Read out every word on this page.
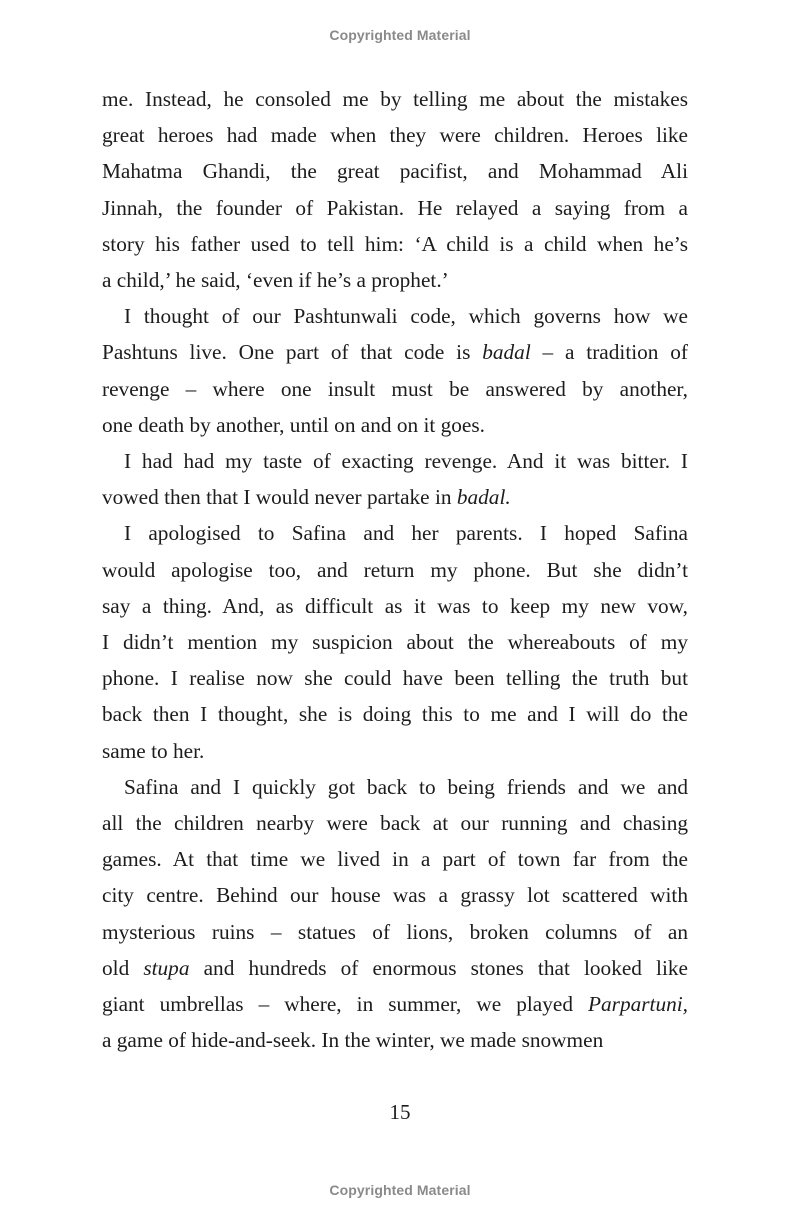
Copyrighted Material
me. Instead, he consoled me by telling me about the mistakes
great heroes had made when they were children. Heroes like
Mahatma Ghandi, the great pacifist, and Mohammad Ali
Jinnah, the founder of Pakistan. He relayed a saying from a
story his father used to tell him: ‘A child is a child when he’s
a child,’ he said, ‘even if he’s a prophet.’
I thought of our Pashtunwali code, which governs how we
Pashtuns live. One part of that code is badal – a tradition of
revenge – where one insult must be answered by another,
one death by another, until on and on it goes.
I had had my taste of exacting revenge. And it was bitter. I
vowed then that I would never partake in badal.
I apologised to Safina and her parents. I hoped Safina
would apologise too, and return my phone. But she didn’t
say a thing. And, as difficult as it was to keep my new vow,
I didn’t mention my suspicion about the whereabouts of my
phone. I realise now she could have been telling the truth but
back then I thought, she is doing this to me and I will do the
same to her.
Safina and I quickly got back to being friends and we and
all the children nearby were back at our running and chasing
games. At that time we lived in a part of town far from the
city centre. Behind our house was a grassy lot scattered with
mysterious ruins – statues of lions, broken columns of an
old stupa and hundreds of enormous stones that looked like
giant umbrellas – where, in summer, we played Parpartuni,
a game of hide-and-seek. In the winter, we made snowmen
15
Copyrighted Material
